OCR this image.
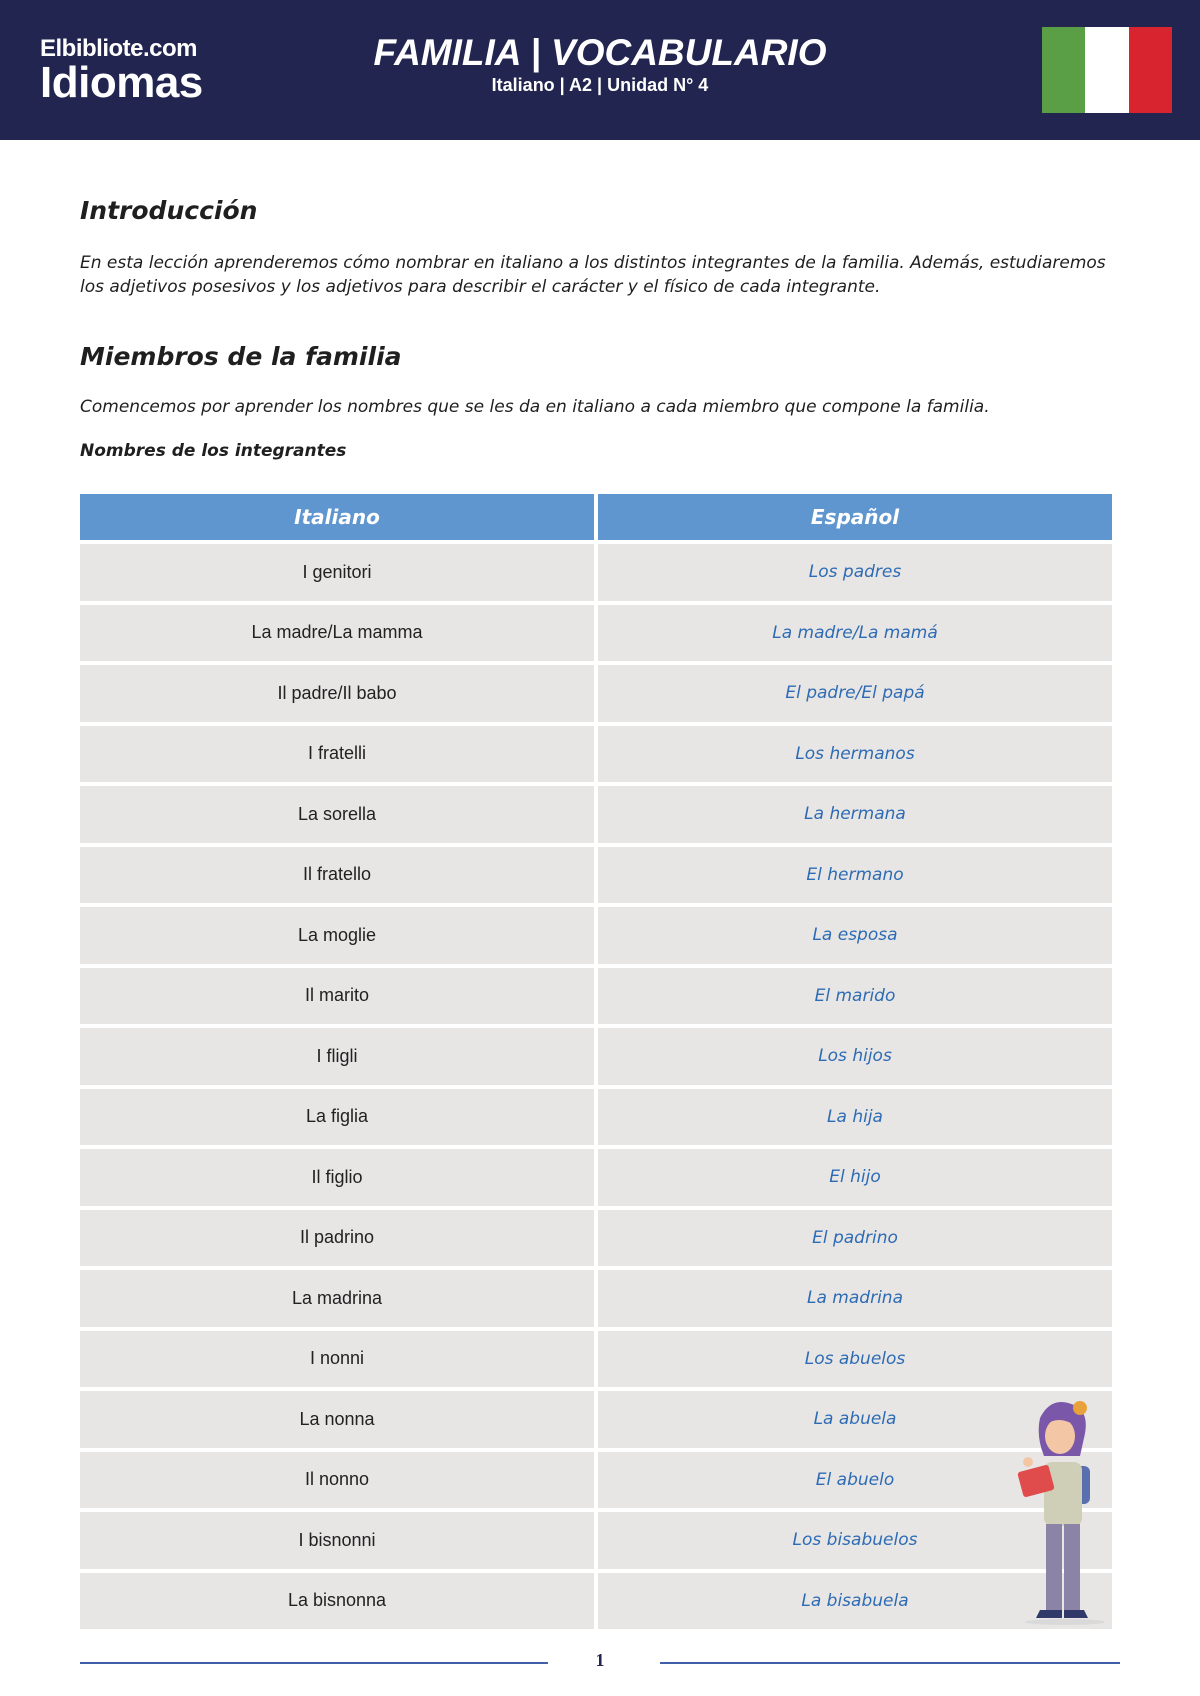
Elbibliote.com
Idiomas
FAMILIA | VOCABULARIO
Italiano | A2 | Unidad N° 4
Introducción

En esta lección aprenderemos cómo nombrar en italiano a los distintos integrantes de la familia. Además, estudiaremos los adjetivos posesivos y los adjetivos para describir el carácter y el físico de cada integrante.

Miembros de la familia

Comencemos por aprender los nombres que se les da en italiano a cada miembro que compone la familia.

Nombres de los integrantes

Italiano	Español
I genitori	Los padres
La madre/La mamma	La madre/La mamá
Il padre/Il babo	El padre/El papá
I fratelli	Los hermanos
La sorella	La hermana
Il fratello	El hermano
La moglie	La esposa
Il marito	El marido
I fligli	Los hijos
La figlia	La hija
Il figlio	El hijo
Il padrino	El padrino
La madrina	La madrina
I nonni	Los abuelos
La nonna	La abuela
Il nonno	El abuelo
I bisnonni	Los bisabuelos
La bisnonna	La bisabuela
1
